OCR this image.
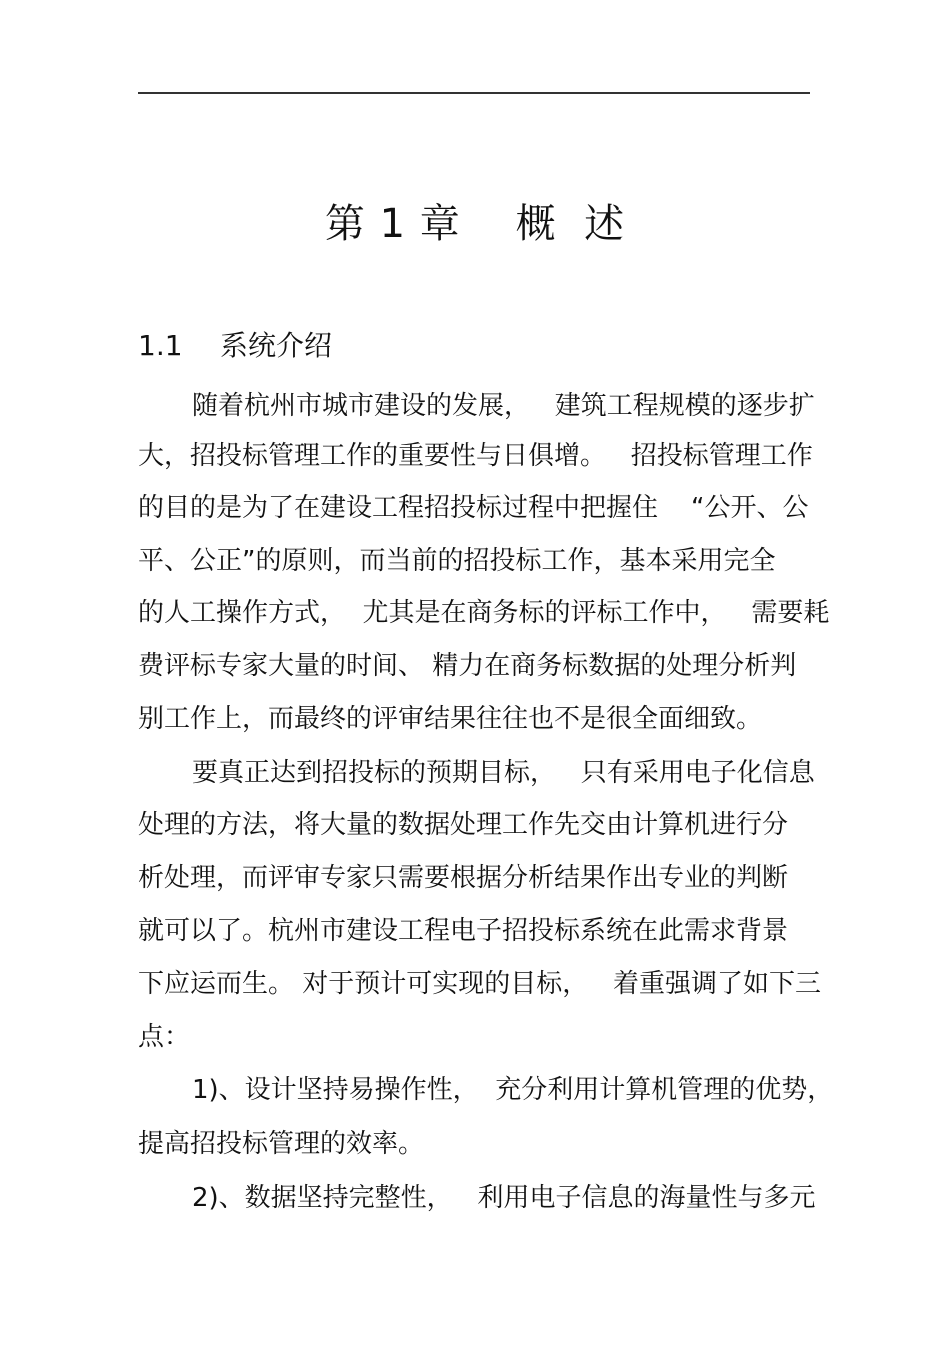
第 1 章    概  述
1.1 系统介绍
随着杭州市城市建设的发展，   建筑工程规模的逐步扩
大，招投标管理工作的重要性与日俱增。   招投标管理工作
的目的是为了在建设工程招投标过程中把握住    “公开、公
平、公正”的原则，而当前的招投标工作，基本采用完全
的人工操作方式，  尤其是在商务标的评标工作中，   需要耗
费评标专家大量的时间、 精力在商务标数据的处理分析判
别工作上，而最终的评审结果往往也不是很全面细致。
要真正达到招投标的预期目标，   只有采用电子化信息
处理的方法，将大量的数据处理工作先交由计算机进行分
析处理，而评审专家只需要根据分析结果作出专业的判断
就可以了。杭州市建设工程电子招投标系统在此需求背景
下应运而生。 对于预计可实现的目标，   着重强调了如下三
点：
1)、设计坚持易操作性，  充分利用计算机管理的优势，
提高招投标管理的效率。
2)、数据坚持完整性，   利用电子信息的海量性与多元
